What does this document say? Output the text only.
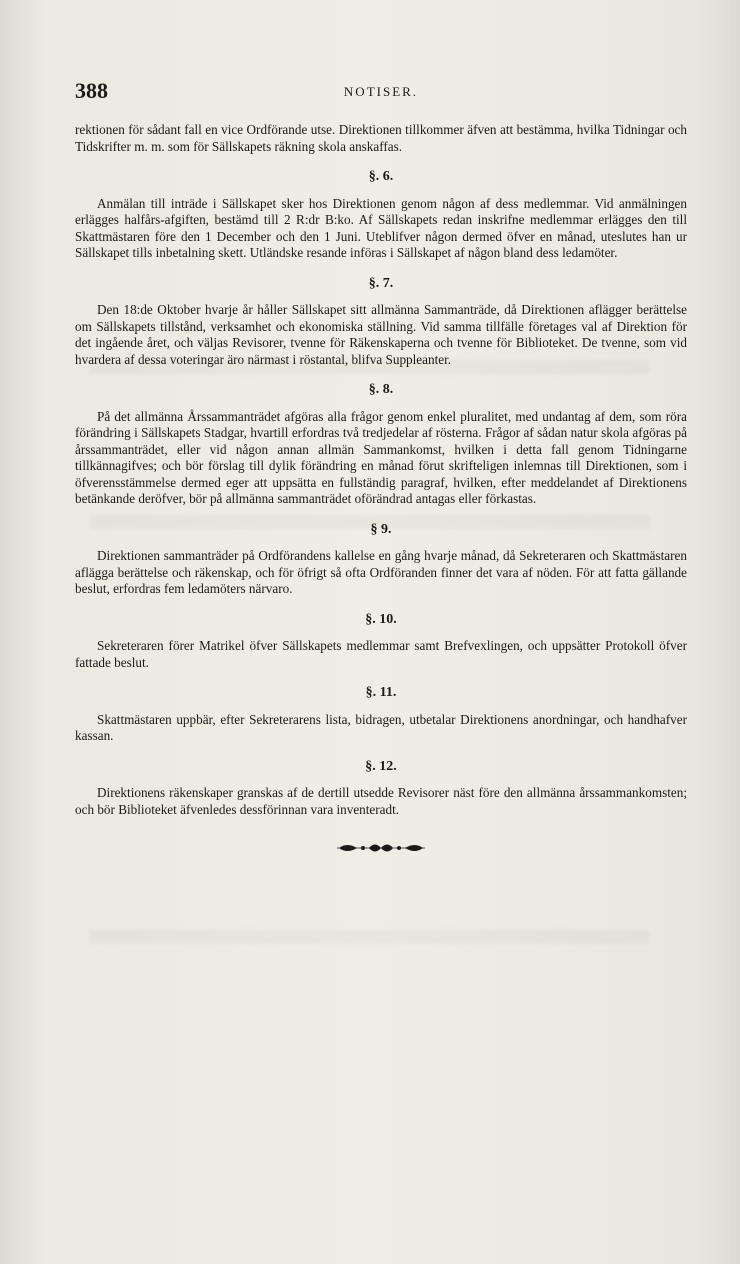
388	NOTISER.

rektionen för sådant fall en vice Ordförande utse. Direktionen tillkommer äfven att bestämma, hvilka Tidningar och Tidskrifter m. m. som för Sällskapets räkning skola anskaffas.

§. 6.

Anmälan till inträde i Sällskapet sker hos Direktionen genom någon af dess medlemmar. Vid anmälningen erlägges halfårs-afgiften, bestämd till 2 R:dr B:ko. Af Sällskapets redan inskrifne medlemmar erlägges den till Skattmästaren före den 1 December och den 1 Juni. Uteblifver någon dermed öfver en månad, uteslutes han ur Sällskapet tills inbetalning skett. Utländske resande införas i Sällskapet af någon bland dess ledamöter.

§. 7.

Den 18:de Oktober hvarje år håller Sällskapet sitt allmänna Sammanträde, då Direktionen aflägger berättelse om Sällskapets tillstånd, verksamhet och ekonomiska ställning. Vid samma tillfälle företages val af Direktion för det ingående året, och väljas Revisorer, tvenne för Räkenskaperna och tvenne för Biblioteket. De tvenne, som vid hvardera af dessa voteringar äro närmast i röstantal, blifva Suppleanter.

§. 8.

På det allmänna Årssammanträdet afgöras alla frågor genom enkel pluralitet, med undantag af dem, som röra förändring i Sällskapets Stadgar, hvartill erfordras två tredjedelar af rösterna. Frågor af sådan natur skola afgöras på årssammanträdet, eller vid någon annan allmän Sammankomst, hvilken i detta fall genom Tidningarne tillkännagifves; och bör förslag till dylik förändring en månad förut skrifteligen inlemnas till Direktionen, som i öfverensstämmelse dermed eger att uppsätta en fullständig paragraf, hvilken, efter meddelandet af Direktionens betänkande deröfver, bör på allmänna sammanträdet oförändrad antagas eller förkastas.

§ 9.

Direktionen sammanträder på Ordförandens kallelse en gång hvarje månad, då Sekreteraren och Skattmästaren aflägga berättelse och räkenskap, och för öfrigt så ofta Ordföranden finner det vara af nöden. För att fatta gällande beslut, erfordras fem ledamöters närvaro.

§. 10.

Sekreteraren förer Matrikel öfver Sällskapets medlemmar samt Brefvexlingen, och uppsätter Protokoll öfver fattade beslut.

§. 11.

Skattmästaren uppbär, efter Sekreterarens lista, bidragen, utbetalar Direktionens anordningar, och handhafver kassan.

§. 12.

Direktionens räkenskaper granskas af de dertill utsedde Revisorer näst före den allmänna årssammankomsten; och bör Biblioteket äfvenledes dessförinnan vara inventeradt.
